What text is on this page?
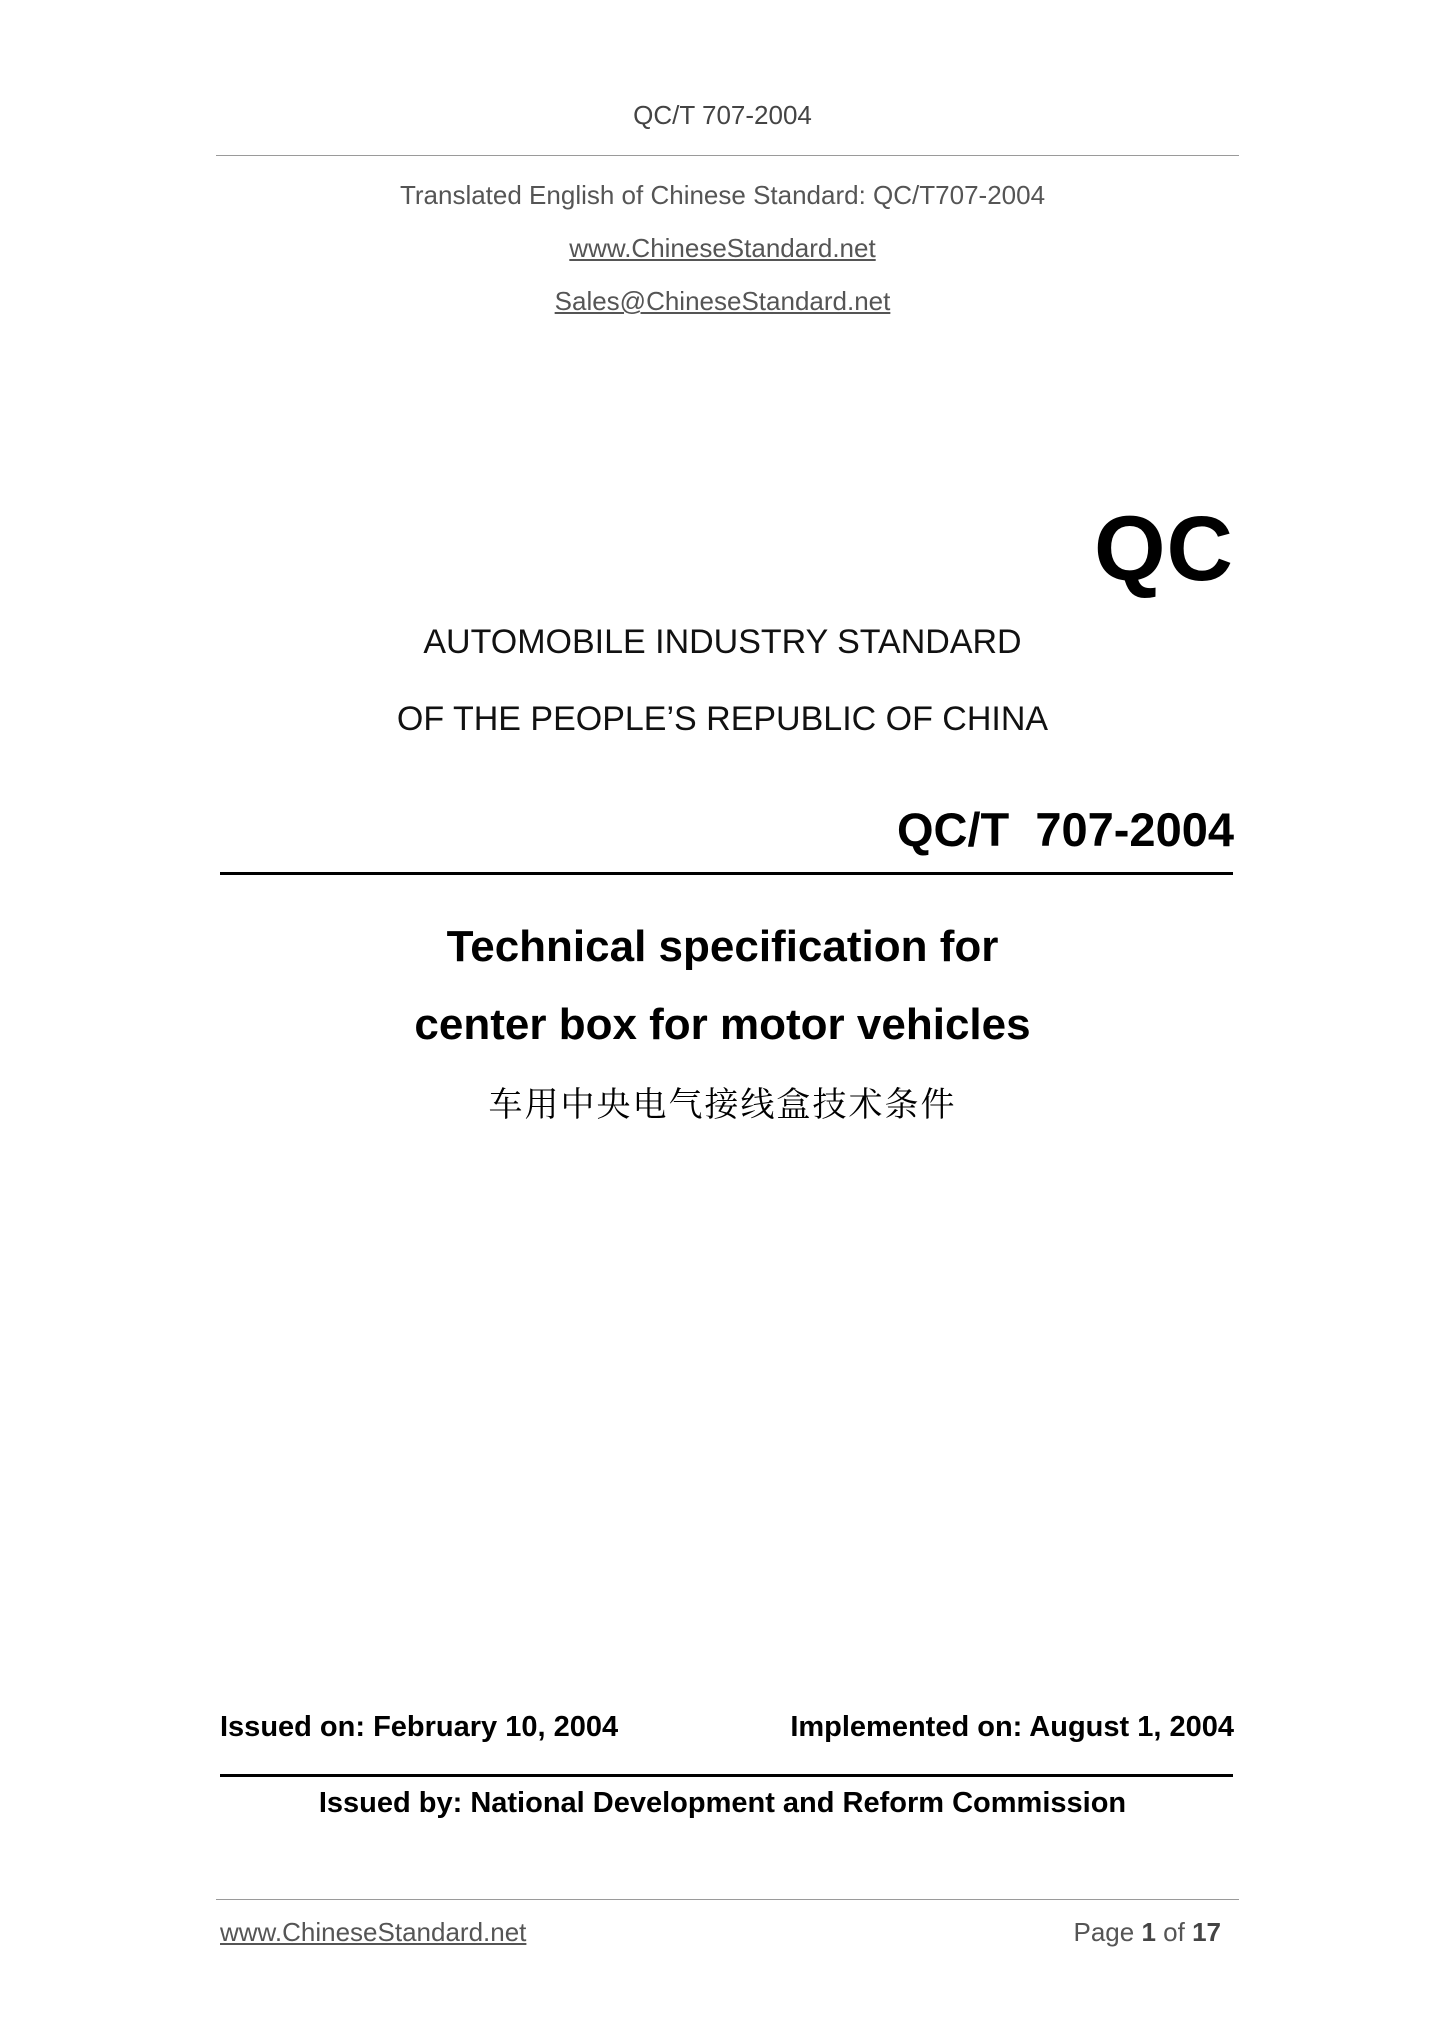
QC/T 707-2004
Translated English of Chinese Standard: QC/T707-2004
www.ChineseStandard.net
Sales@ChineseStandard.net
QC
AUTOMOBILE INDUSTRY STANDARD
OF THE PEOPLE’S REPUBLIC OF CHINA
QC/T  707-2004
Technical specification for
center box for motor vehicles
车用中央电气接线盒技术条件
Issued on: February 10, 2004	Implemented on: August 1, 2004
Issued by: National Development and Reform Commission
www.ChineseStandard.net	Page 1 of 17
